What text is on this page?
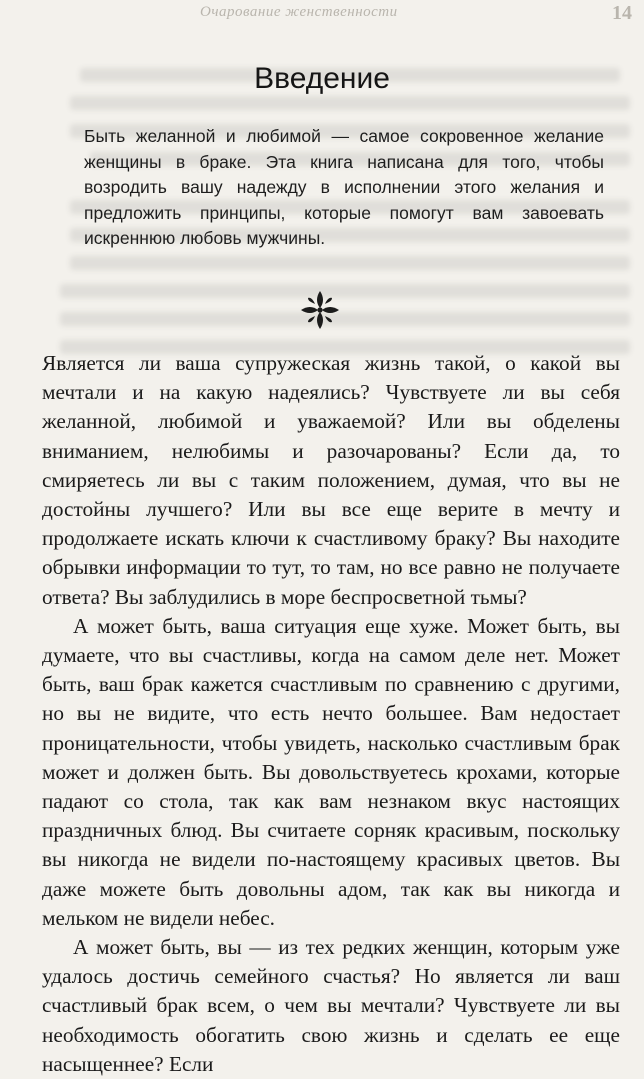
Очарование женственности	14
Введение
Быть желанной и любимой — самое сокровенное желание женщины в браке. Эта книга написана для того, чтобы возродить вашу надежду в исполнении этого желания и предложить принципы, которые помогут вам завоевать искреннюю любовь мужчины.

Являетcя ли ваша супружеская жизнь такой, о какой вы мечтали и на какую надеялись? Чувствуете ли вы себя желанной, любимой и уважаемой? Или вы обделены вниманием, нелюбимы и разочарованы? Если да, то смиряетесь ли вы с таким положением, думая, что вы не достойны лучшего? Или вы все еще верите в мечту и продолжаете искать ключи к счастливому браку? Вы находите обрывки информации то тут, то там, но все равно не получаете ответа? Вы заблудились в море беспросветной тьмы?

А может быть, ваша ситуация еще хуже. Может быть, вы думаете, что вы счастливы, когда на самом деле нет. Может быть, ваш брак кажется счастливым по сравнению с другими, но вы не видите, что есть нечто большее. Вам недостает проницательности, чтобы увидеть, насколько счастливым брак может и должен быть. Вы довольствуетесь крохами, которые падают со стола, так как вам незнаком вкус настоящих праздничных блюд. Вы считаете сорняк красивым, поскольку вы никогда не видели по-настоящему красивых цветов. Вы даже можете быть довольны адом, так как вы никогда и мельком не видели небес.

А может быть, вы — из тех редких женщин, которым уже удалось достичь семейного счастья? Но является ли ваш счастливый брак всем, о чем вы мечтали? Чувствуете ли вы необходимость обогатить свою жизнь и сделать ее еще насыщеннее? Если
